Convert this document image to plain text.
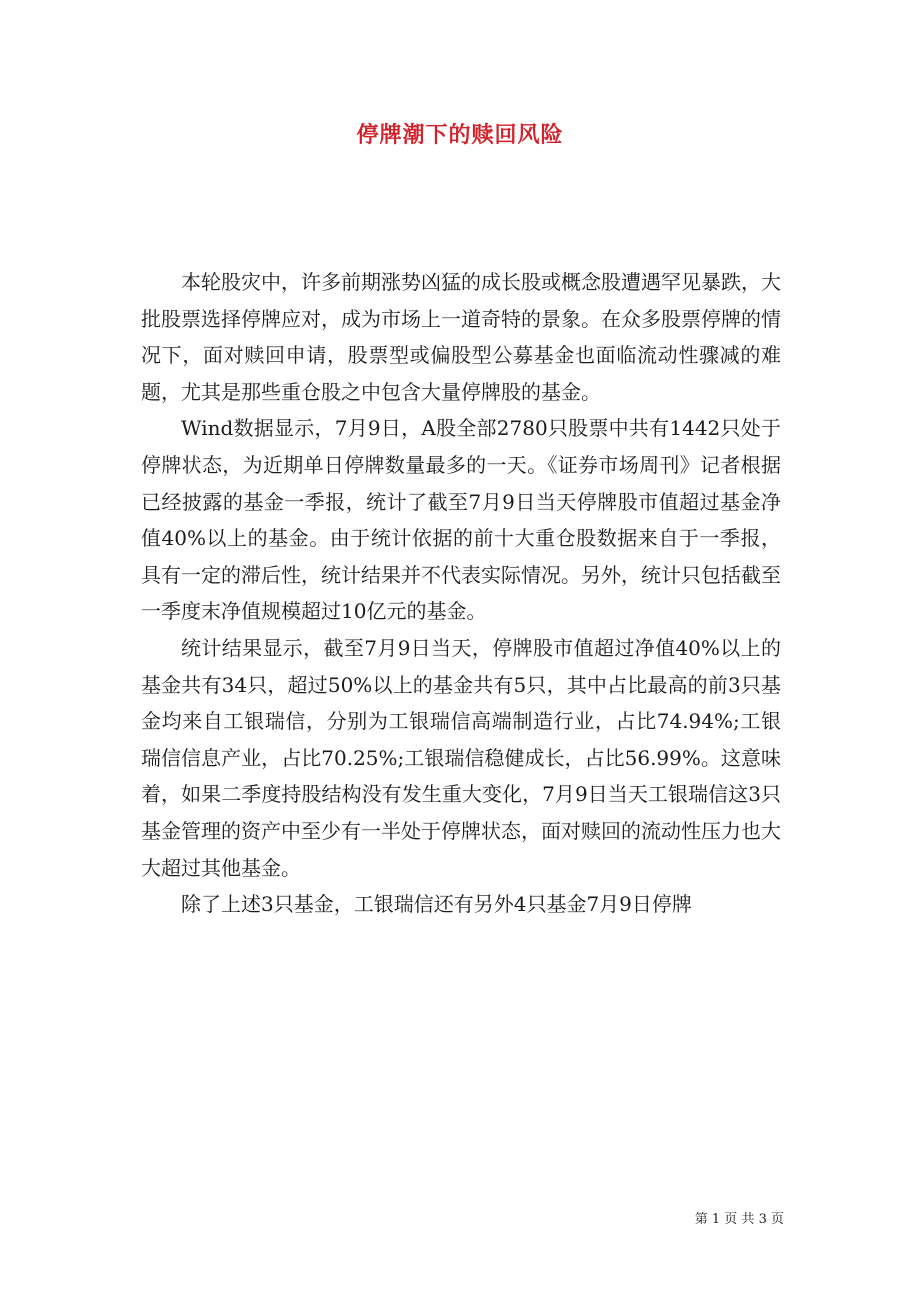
停牌潮下的赎回风险

本轮股灾中，许多前期涨势凶猛的成长股或概念股遭遇罕见暴跌，大批股票选择停牌应对，成为市场上一道奇特的景象。在众多股票停牌的情况下，面对赎回申请，股票型或偏股型公募基金也面临流动性骤减的难题，尤其是那些重仓股之中包含大量停牌股的基金。

Wind数据显示，7月9日，A股全部2780只股票中共有1442只处于停牌状态，为近期单日停牌数量最多的一天。《证券市场周刊》记者根据已经披露的基金一季报，统计了截至7月9日当天停牌股市值超过基金净值40%以上的基金。由于统计依据的前十大重仓股数据来自于一季报，具有一定的滞后性，统计结果并不代表实际情况。另外，统计只包括截至一季度末净值规模超过10亿元的基金。

统计结果显示，截至7月9日当天，停牌股市值超过净值40%以上的基金共有34只，超过50%以上的基金共有5只，其中占比最高的前3只基金均来自工银瑞信，分别为工银瑞信高端制造行业，占比74.94%;工银瑞信信息产业，占比70.25%;工银瑞信稳健成长，占比56.99%。这意味着，如果二季度持股结构没有发生重大变化，7月9日当天工银瑞信这3只基金管理的资产中至少有一半处于停牌状态，面对赎回的流动性压力也大大超过其他基金。

除了上述3只基金，工银瑞信还有另外4只基金7月9日停牌

第 1 页 共 3 页
